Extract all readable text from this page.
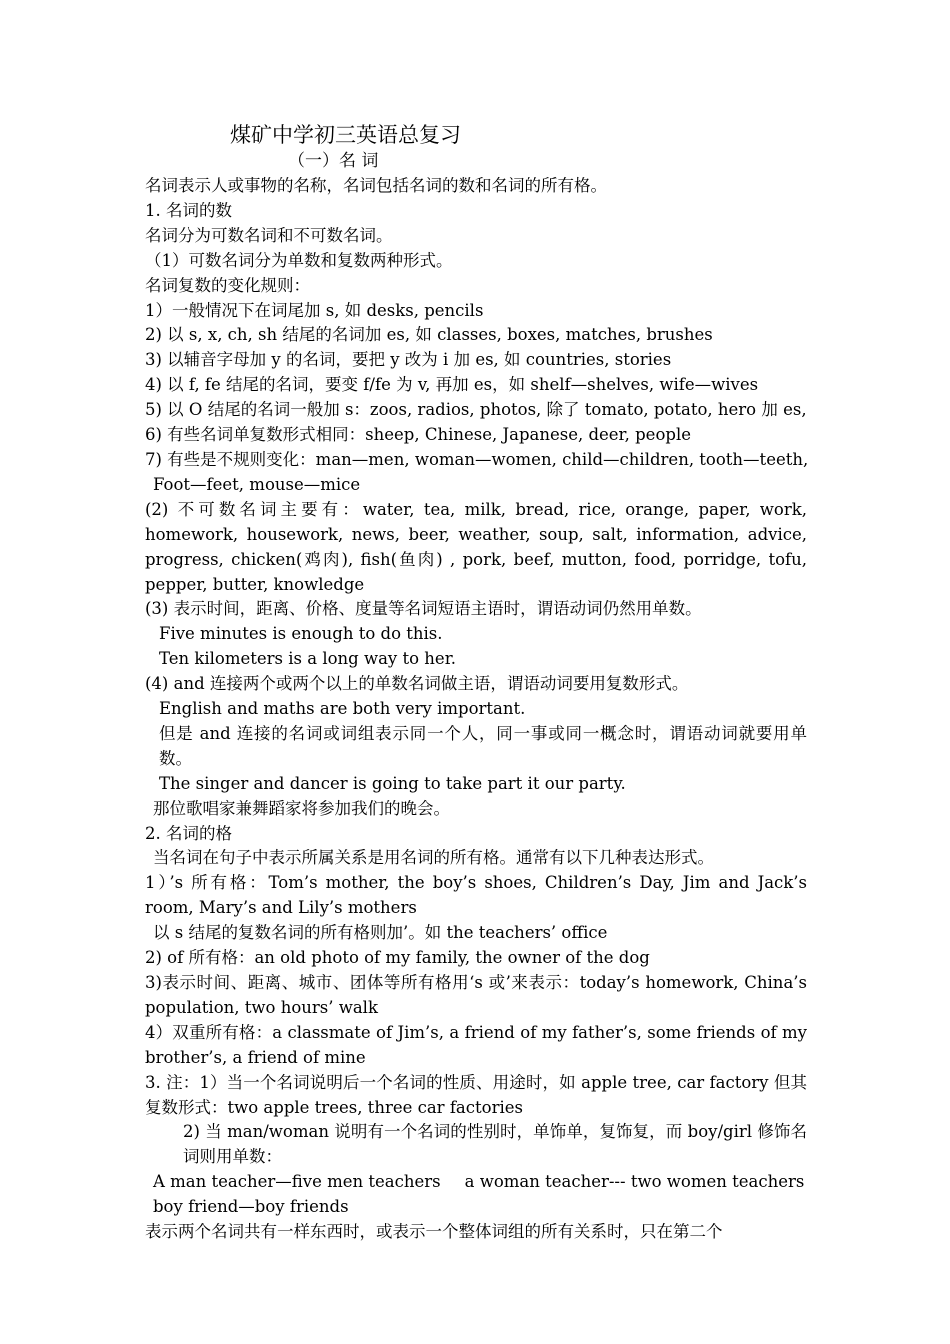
煤矿中学初三英语总复习
（一）名 词
名词表示人或事物的名称，名词包括名词的数和名词的所有格。
1. 名词的数
名词分为可数名词和不可数名词。
（1）可数名词分为单数和复数两种形式。
名词复数的变化规则：
1）一般情况下在词尾加 s, 如 desks, pencils
2) 以 s, x, ch, sh 结尾的名词加 es, 如 classes, boxes, matches, brushes
3) 以辅音字母加 y 的名词，要把 y 改为 i 加 es, 如 countries, stories
4) 以 f, fe 结尾的名词，要变 f/fe 为 v, 再加 es，如 shelf—shelves, wife—wives
5) 以 O 结尾的名词一般加 s：zoos, radios, photos, 除了 tomato, potato, hero 加 es,
6) 有些名词单复数形式相同：sheep, Chinese, Japanese, deer, people
7) 有些是不规则变化：man—men, woman—women, child—children, tooth—teeth,
Foot—feet, mouse—mice
(2) 不可数名词主要有：water, tea, milk, bread, rice, orange, paper, work, homework, housework, news, beer, weather, soup, salt, information, advice, progress, chicken(鸡肉), fish(鱼肉) , pork, beef, mutton, food, porridge, tofu, pepper, butter, knowledge
(3) 表示时间，距离、价格、度量等名词短语主语时，谓语动词仍然用单数。
Five minutes is enough to do this.
Ten kilometers is a long way to her.
(4) and 连接两个或两个以上的单数名词做主语，谓语动词要用复数形式。
English and maths are both very important.
但是 and 连接的名词或词组表示同一个人，同一事或同一概念时，谓语动词就要用单数。
The singer and dancer is going to take part it our party.
那位歌唱家兼舞蹈家将参加我们的晚会。
2. 名词的格
当名词在句子中表示所属关系是用名词的所有格。通常有以下几种表达形式。
1）’s 所有格：Tom’s mother, the boy’s shoes, Children’s Day, Jim and Jack’s room, Mary’s and Lily’s mothers
以 s 结尾的复数名词的所有格则加’。如 the teachers’ office
2) of 所有格：an old photo of my family, the owner of the dog
3)表示时间、距离、城市、团体等所有格用‘s 或’来表示：today’s homework, China’s population, two hours’ walk
4）双重所有格：a classmate of Jim’s, a friend of my father’s, some friends of my brother’s, a friend of mine
3. 注：1）当一个名词说明后一个名词的性质、用途时，如 apple tree, car factory 但其复数形式：two apple trees, three car factories
2) 当 man/woman 说明有一个名词的性别时，单饰单，复饰复，而 boy/girl 修饰名词则用单数：
A man teacher—five men teachers a woman teacher--- two women teachers
boy friend—boy friends
表示两个名词共有一样东西时，或表示一个整体词组的所有关系时，只在第二个
